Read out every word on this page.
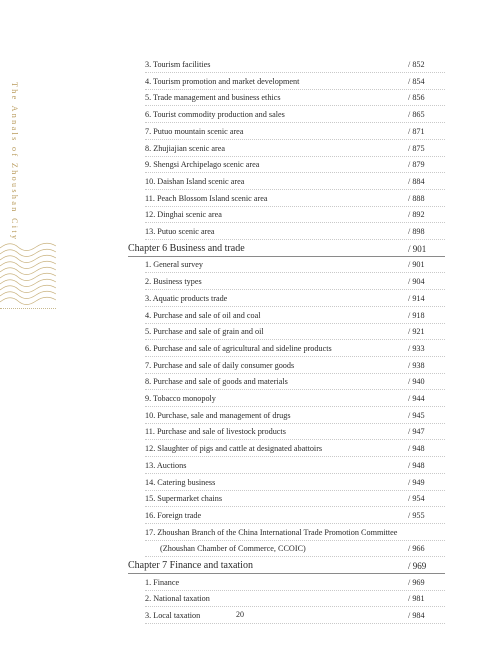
The Annals of Zhoushan City
3. Tourism facilities	/ 852
4. Tourism promotion and market development	/ 854
5. Trade management and business ethics	/ 856
6. Tourist commodity production and sales	/ 865
7. Putuo mountain scenic area	/ 871
8. Zhujiajian scenic area	/ 875
9. Shengsi Archipelago scenic area	/ 879
10. Daishan Island scenic area	/ 884
11. Peach Blossom Island scenic area	/ 888
12. Dinghai scenic area	/ 892
13. Putuo scenic area	/ 898
Chapter 6 Business and trade	/ 901
1. General survey	/ 901
2. Business types	/ 904
3. Aquatic products trade	/ 914
4. Purchase and sale of oil and coal	/ 918
5. Purchase and sale of grain and oil	/ 921
6. Purchase and sale of agricultural and sideline products	/ 933
7. Purchase and sale of daily consumer goods	/ 938
8. Purchase and sale of goods and materials	/ 940
9. Tobacco monopoly	/ 944
10. Purchase, sale and management of drugs	/ 945
11. Purchase and sale of livestock products	/ 947
12. Slaughter of pigs and cattle at designated abattoirs	/ 948
13. Auctions	/ 948
14. Catering business	/ 949
15. Supermarket chains	/ 954
16. Foreign trade	/ 955
17. Zhoushan Branch of the China International Trade Promotion Committee
(Zhoushan Chamber of Commerce, CCOIC)	/ 966
Chapter 7 Finance and taxation	/ 969
1. Finance	/ 969
2. National taxation	/ 981
3. Local taxation	/ 984
20
